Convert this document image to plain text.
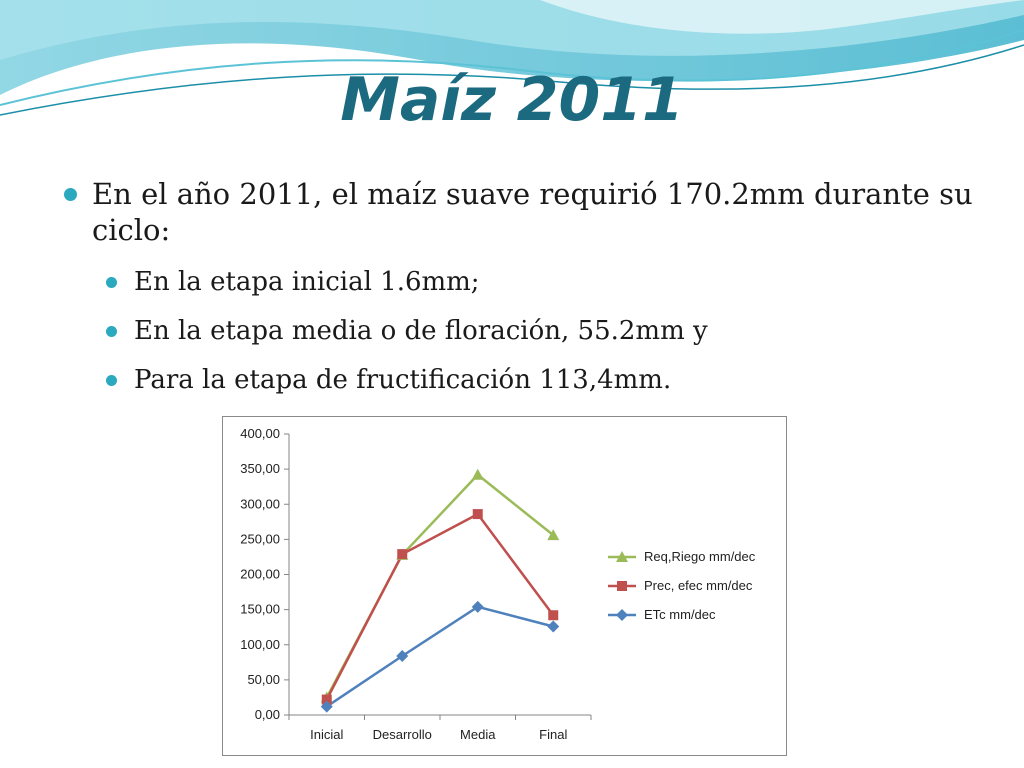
Maíz 2011
En el año 2011, el maíz suave requirió 170.2mm durante su ciclo:
En la etapa inicial 1.6mm;
En la etapa media o de floración, 55.2mm y
Para la etapa de fructificación 113,4mm.
0,00
50,00
100,00
150,00
200,00
250,00
300,00
350,00
400,00
Inicial Desarrollo Media	Final
Req,Riego mm/dec
Prec, efec mm/dec
ETc mm/dec
